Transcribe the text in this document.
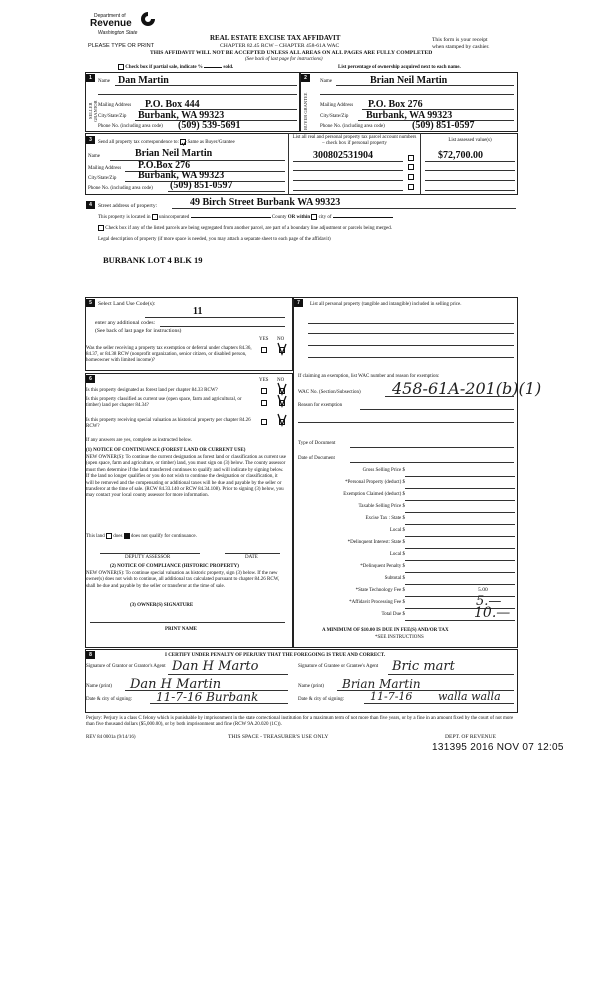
Department of
Revenue
Washington State
PLEASE TYPE OR PRINT
REAL ESTATE EXCISE TAX AFFIDAVIT
CHAPTER 82.45 RCW – CHAPTER 458-61A WAC
THIS AFFIDAVIT WILL NOT BE ACCEPTED UNLESS ALL AREAS ON ALL PAGES ARE FULLY COMPLETED
(See back of last page for instructions)
This form is your receipt
when stamped by cashier.
Check box if partial sale, indicate %	sold.	List percentage of ownership acquired next to each name.
1	2
SELLER GRANTOR	BUYER GRANTEE
Name Dan Martin
Mailing Address P.O. Box 444
City/State/Zip Burbank, WA 99323
Phone No. (including area code) (509) 539-5691
Name	Brian Neil Martin
Mailing Address P.O. Box 276
City/State/Zip Burbank, WA 99323
Phone No. (including area code)	(509) 851-0597
3	Send all property tax correspondence to: Same as Buyer/Grantee
Name	Brian Neil Martin
Mailing Address P.O.Box 276
City/State/Zip Burbank, WA 99323
Phone No. (including area code) (509) 851-0597
List all real and personal property tax parcel account numbers – check box if personal property
List assessed value(s)
300802531904	$72,700.00
4	Street address of property:	49 Birch Street Burbank WA 99323
This property is located in unincorporated	County OR within city of
Check box if any of the listed parcels are being segregated from another parcel, are part of a boundary line adjustment or parcels being merged.
Legal description of property (if more space is needed, you may attach a separate sheet to each page of the affidavit)
BURBANK LOT 4 BLK 19
5	Select Land Use Code(s):
11
enter any additional codes:
(See back of last page for instructions)
YES NO
Was the seller receiving a property tax exemption or deferral under chapters 84.36, 84.37, or 84.38 RCW (nonprofit organization, senior citizen, or disabled person, homeowner with limited income)?
6	YES NO
Is this property designated as forest land per chapter 84.33 RCW?
Is this property classified as current use (open space, farm and agricultural, or timber) land per chapter 84.34?
Is this property receiving special valuation as historical property per chapter 84.26 RCW?
If any answers are yes, complete as instructed below.
(1) NOTICE OF CONTINUANCE (FOREST LAND OR CURRENT USE)
NEW OWNER(S): To continue the current designation as forest land or classification as current use (open space, farm and agriculture, or timber) land, you must sign on (3) below. The county assessor must then determine if the land transferred continues to qualify and will indicate by signing below. If the land no longer qualifies or you do not wish to continue the designation or classification, it will be removed and the compensating or additional taxes will be due and payable by the seller or transferor at the time of sale. (RCW 84.33.140 or RCW 84.34.108). Prior to signing (3) below, you may contact your local county assessor for more information.
This land does does not qualify for continuance.
DEPUTY ASSESSOR	DATE
(2) NOTICE OF COMPLIANCE (HISTORIC PROPERTY)
NEW OWNER(S): To continue special valuation as historic property, sign (3) below. If the new owner(s) does not wish to continue, all additional tax calculated pursuant to chapter 84.26 RCW, shall be due and payable by the seller or transferor at the time of sale.
(3) OWNER(S) SIGNATURE
PRINT NAME
7	List all personal property (tangible and intangible) included in selling price.
If claiming an exemption, list WAC number and reason for exemption:
WAC No. (Section/Subsection) 458-61A-201(b)(1)
Reason for exemption
Type of Document
Date of Document
Gross Selling Price $
*Personal Property (deduct) $
Exemption Claimed (deduct) $
Taxable Selling Price $
Excise Tax : State $
Local $
*Delinquent Interest: State $
Local $
*Delinquent Penalty $
Subtotal $
*State Technology Fee $	5.00
*Affidavit Processing Fee $	5.—
Total Due $	10.—
A MINIMUM OF $10.00 IS DUE IN FEE(S) AND/OR TAX
*SEE INSTRUCTIONS
8	I CERTIFY UNDER PENALTY OF PERJURY THAT THE FOREGOING IS TRUE AND CORRECT.
Signature of Grantor or Grantor's Agent Dan H Marto
Name (print) Dan H Martin
Date & city of signing: 11-7-16 Burbank
Signature of Grantee or Grantee's Agent	Bric mart
Name (print) Brian Martin
Date & city of signing: 11-7-16 walla walla
Perjury: Perjury is a class C felony which is punishable by imprisonment in the state correctional institution for a maximum term of not more than five years, or by a fine in an amount fixed by the court of not more than five thousand dollars ($5,000.00), or by both imprisonment and fine (RCW 9A.20.020 (1C)).
REV 84 0001a (9/14/16)	THIS SPACE - TREASURER'S USE ONLY	DEPT. OF REVENUE
131395 2016 NOV 07 12:05
